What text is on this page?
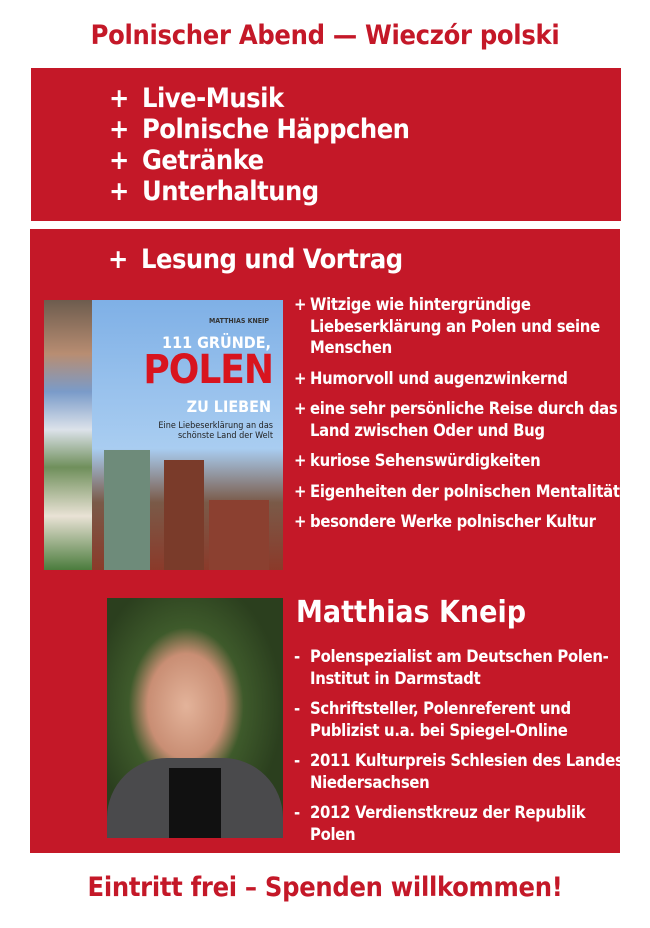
Polnischer Abend — Wieczór polski
+ Live-Musik
+ Polnische Häppchen
+ Getränke
+ Unterhaltung
+ Lesung und Vortrag
MATTHIAS KNEIP
111 GRÜNDE,
POLEN
ZU LIEBEN
Eine Liebeserklärung an das schönste Land der Welt
+ Witzige wie hintergründige Liebeserklärung an Polen und seine Menschen
+ Humorvoll und augenzwinkernd
+ eine sehr persönliche Reise durch das Land zwischen Oder und Bug
+ kuriose Sehenswürdigkeiten
+ Eigenheiten der polnischen Mentalität
+ besondere Werke polnischer Kultur
Matthias Kneip
- Polenspezialist am Deutschen Polen-Institut in Darmstadt
- Schriftsteller, Polenreferent und Publizist u.a. bei Spiegel-Online
- 2011 Kulturpreis Schlesien des Landes Niedersachsen
- 2012 Verdienstkreuz der Republik Polen
Eintritt frei – Spenden willkommen!
